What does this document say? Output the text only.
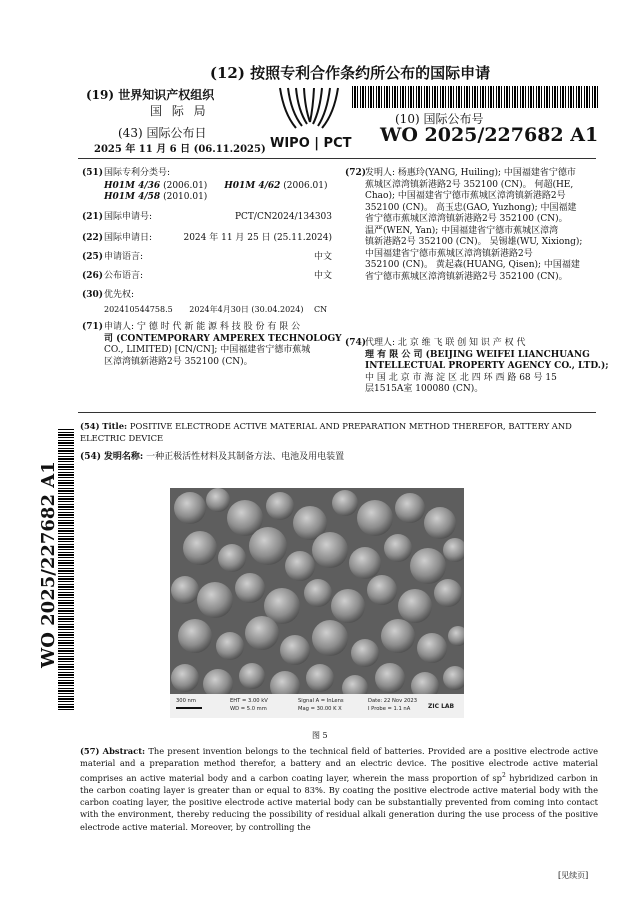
(12) 按照专利合作条约所公布的国际申请
(19) 世界知识产权组织
国 际 局
WIPO | PCT
(43) 国际公布日
2025 年 11 月 6 日 (06.11.2025)
(10) 国际公布号
WO 2025/227682 A1
(51) 国际专利分类号:
H01M 4/36 (2006.01) H01M 4/62 (2006.01)
H01M 4/58 (2010.01)
(21) 国际申请号:	PCT/CN2024/134303
(22) 国际申请日:	2024 年 11 月 25 日 (25.11.2024)
(25) 申请语言:	中文
(26) 公布语言:	中文
(30) 优先权:
202410544758.5 2024年4月30日 (30.04.2024) CN
(71) 申请人: 宁 德 时 代 新 能 源 科 技 股 份 有 限 公
司 (CONTEMPORARY AMPEREX TECHNOLOGY
CO., LIMITED) [CN/CN]; 中国福建省宁德市蕉城
区漳湾镇新港路2号 352100 (CN)。
(72)
发明人: 杨惠玲(YANG, Huiling); 中国福建省宁德市
蕉城区漳湾镇新港路2号 352100 (CN)。 何超(HE,
Chao); 中国福建省宁德市蕉城区漳湾镇新港路2号
352100 (CN)。 高玉忠(GAO, Yuzhong); 中国福建
省宁德市蕉城区漳湾镇新港路2号 352100 (CN)。
温严(WEN, Yan); 中国福建省宁德市蕉城区漳湾
镇新港路2号 352100 (CN)。 吴锡雄(WU, Xixiong);
中国福建省宁德市蕉城区漳湾镇新港路2号
352100 (CN)。 黄起森(HUANG, Qisen); 中国福建
省宁德市蕉城区漳湾镇新港路2号 352100 (CN)。
(74)
代理人: 北 京 维 飞 联 创 知 识 产 权 代
理 有 限 公 司 (BEIJING WEIFEI LIANCHUANG
INTELLECTUAL PROPERTY AGENCY CO., LTD.);
中 国 北 京 市 海 淀 区 北 四 环 西 路 68 号 15
层1515A室 100080 (CN)。
WO 2025/227682 A1
(54) Title: POSITIVE ELECTRODE ACTIVE MATERIAL AND PREPARATION METHOD THEREFOR, BATTERY AND ELECTRIC DEVICE
(54) 发明名称: 一种正极活性材料及其制备方法、电池及用电装置
300 nm	EHT = 3.00 kV
WD = 5.0 mm
Signal A = InLens
Mag = 30.00 K X
Date: 22 Nov 2023
I Probe = 1.1 nA	ZIC LAB
图 5
(57) Abstract: The present invention belongs to the technical field of batteries. Provided are a positive electrode active material and a preparation method therefor, a battery and an electric device. The positive electrode active material comprises an active material body and a carbon coating layer, wherein the mass proportion of $sp^2$ hybridized carbon in the carbon coating layer is greater than or equal to 83%. By coating the positive electrode active material body with the carbon coating layer, the positive electrode active material body can be substantially prevented from coming into contact with the environment, thereby reducing the possibility of residual alkali generation during the use process of the positive electrode active material. Moreover, by controlling the
[见续页]
